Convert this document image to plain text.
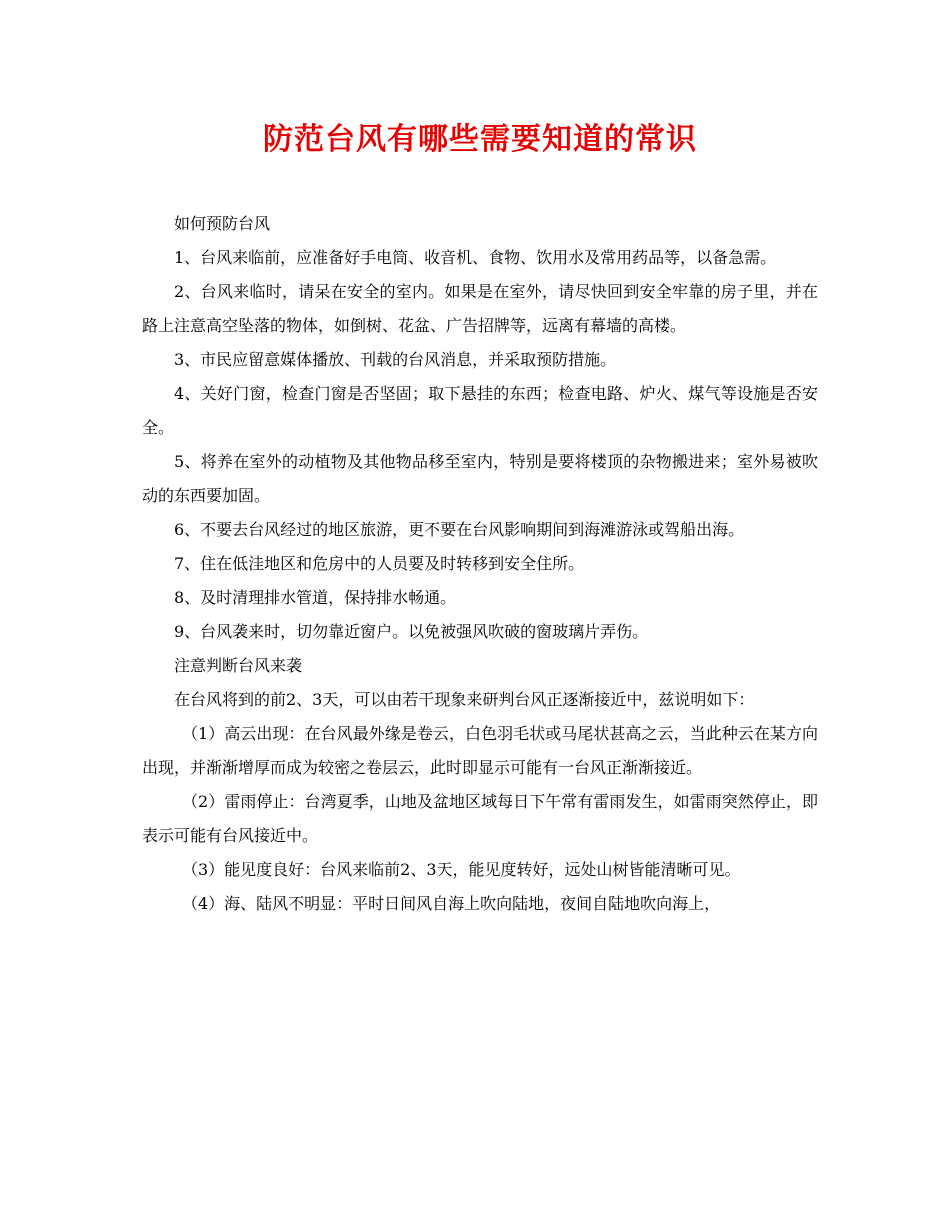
防范台风有哪些需要知道的常识

如何预防台风

1、台风来临前，应准备好手电筒、收音机、食物、饮用水及常用药品等，以备急需。

2、台风来临时，请呆在安全的室内。如果是在室外，请尽快回到安全牢靠的房子里，并在路上注意高空坠落的物体，如倒树、花盆、广告招牌等，远离有幕墙的高楼。

3、市民应留意媒体播放、刊载的台风消息，并采取预防措施。

4、关好门窗，检查门窗是否坚固；取下悬挂的东西；检查电路、炉火、煤气等设施是否安全。

5、将养在室外的动植物及其他物品移至室内，特别是要将楼顶的杂物搬进来；室外易被吹动的东西要加固。

6、不要去台风经过的地区旅游，更不要在台风影响期间到海滩游泳或驾船出海。

7、住在低洼地区和危房中的人员要及时转移到安全住所。

8、及时清理排水管道，保持排水畅通。

9、台风袭来时，切勿靠近窗户。以免被强风吹破的窗玻璃片弄伤。

注意判断台风来袭

在台风将到的前2、3天，可以由若干现象来研判台风正逐渐接近中，兹说明如下：

（1）高云出现：在台风最外缘是卷云，白色羽毛状或马尾状甚高之云，当此种云在某方向出现，并渐渐增厚而成为较密之卷层云，此时即显示可能有一台风正渐渐接近。

（2）雷雨停止：台湾夏季，山地及盆地区域每日下午常有雷雨发生，如雷雨突然停止，即表示可能有台风接近中。

（3）能见度良好：台风来临前2、3天，能见度转好，远处山树皆能清晰可见。

（4）海、陆风不明显：平时日间风自海上吹向陆地，夜间自陆地吹向海上，
